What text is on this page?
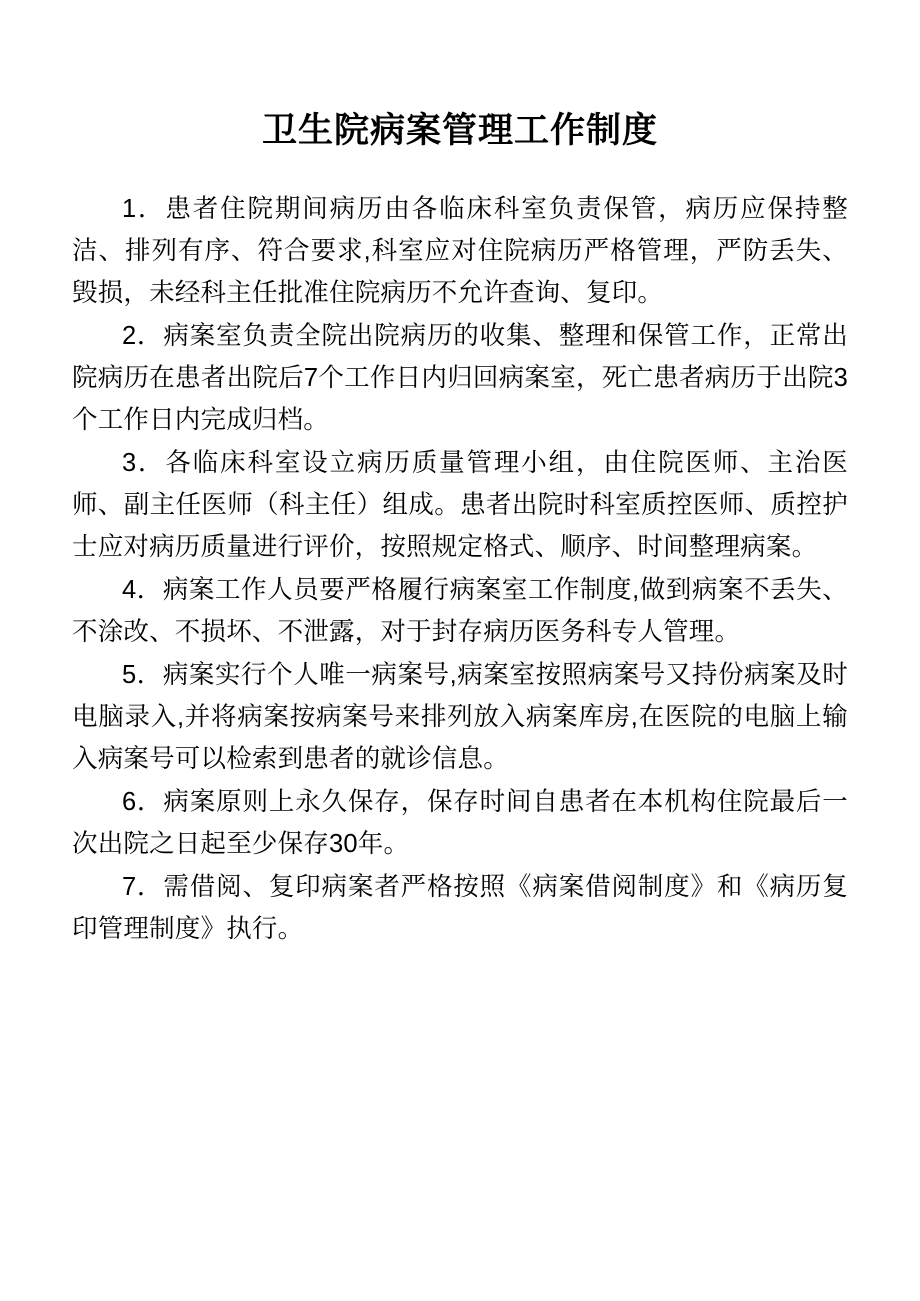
卫生院病案管理工作制度

1．患者住院期间病历由各临床科室负责保管，病历应保持整洁、排列有序、符合要求,科室应对住院病历严格管理，严防丢失、毁损，未经科主任批准住院病历不允许查询、复印。

2．病案室负责全院出院病历的收集、整理和保管工作，正常出院病历在患者出院后7个工作日内归回病案室，死亡患者病历于出院3个工作日内完成归档。

3．各临床科室设立病历质量管理小组，由住院医师、主治医师、副主任医师（科主任）组成。患者出院时科室质控医师、质控护士应对病历质量进行评价，按照规定格式、顺序、时间整理病案。

4．病案工作人员要严格履行病案室工作制度,做到病案不丢失、不涂改、不损坏、不泄露，对于封存病历医务科专人管理。

5．病案实行个人唯一病案号,病案室按照病案号又持份病案及时电脑录入,并将病案按病案号来排列放入病案库房,在医院的电脑上输入病案号可以检索到患者的就诊信息。

6．病案原则上永久保存，保存时间自患者在本机构住院最后一次出院之日起至少保存30年。

7．需借阅、复印病案者严格按照《病案借阅制度》和《病历复印管理制度》执行。
